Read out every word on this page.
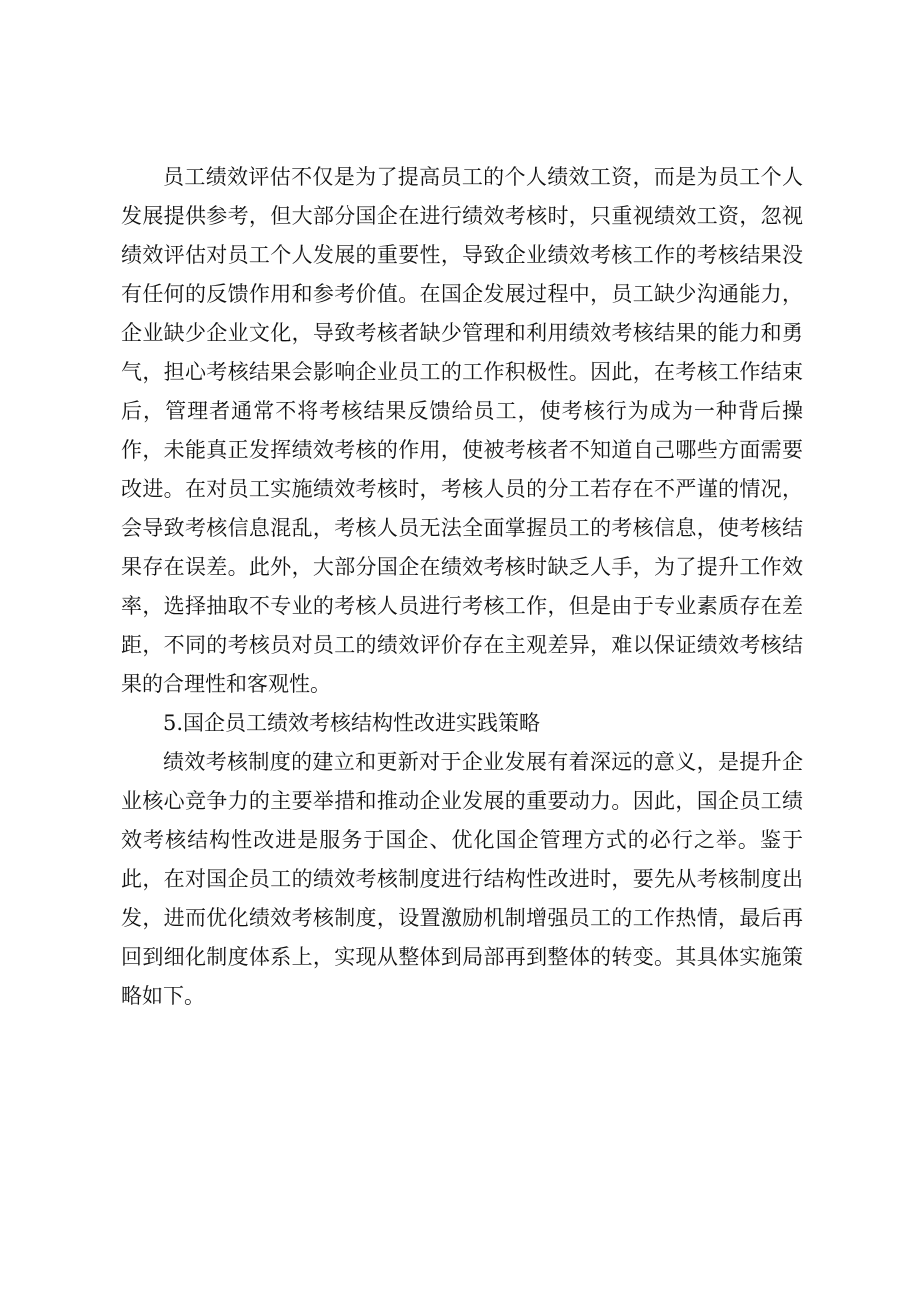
员工绩效评估不仅是为了提高员工的个人绩效工资，而是为员工个人发展提供参考，但大部分国企在进行绩效考核时，只重视绩效工资，忽视绩效评估对员工个人发展的重要性，导致企业绩效考核工作的考核结果没有任何的反馈作用和参考价值。在国企发展过程中，员工缺少沟通能力，企业缺少企业文化，导致考核者缺少管理和利用绩效考核结果的能力和勇气，担心考核结果会影响企业员工的工作积极性。因此，在考核工作结束后，管理者通常不将考核结果反馈给员工，使考核行为成为一种背后操作，未能真正发挥绩效考核的作用，使被考核者不知道自己哪些方面需要改进。在对员工实施绩效考核时，考核人员的分工若存在不严谨的情况，会导致考核信息混乱，考核人员无法全面掌握员工的考核信息，使考核结果存在误差。此外，大部分国企在绩效考核时缺乏人手，为了提升工作效率，选择抽取不专业的考核人员进行考核工作，但是由于专业素质存在差距，不同的考核员对员工的绩效评价存在主观差异，难以保证绩效考核结果的合理性和客观性。

5.国企员工绩效考核结构性改进实践策略

绩效考核制度的建立和更新对于企业发展有着深远的意义，是提升企业核心竞争力的主要举措和推动企业发展的重要动力。因此，国企员工绩效考核结构性改进是服务于国企、优化国企管理方式的必行之举。鉴于此，在对国企员工的绩效考核制度进行结构性改进时，要先从考核制度出发，进而优化绩效考核制度，设置激励机制增强员工的工作热情，最后再回到细化制度体系上，实现从整体到局部再到整体的转变。其具体实施策略如下。
